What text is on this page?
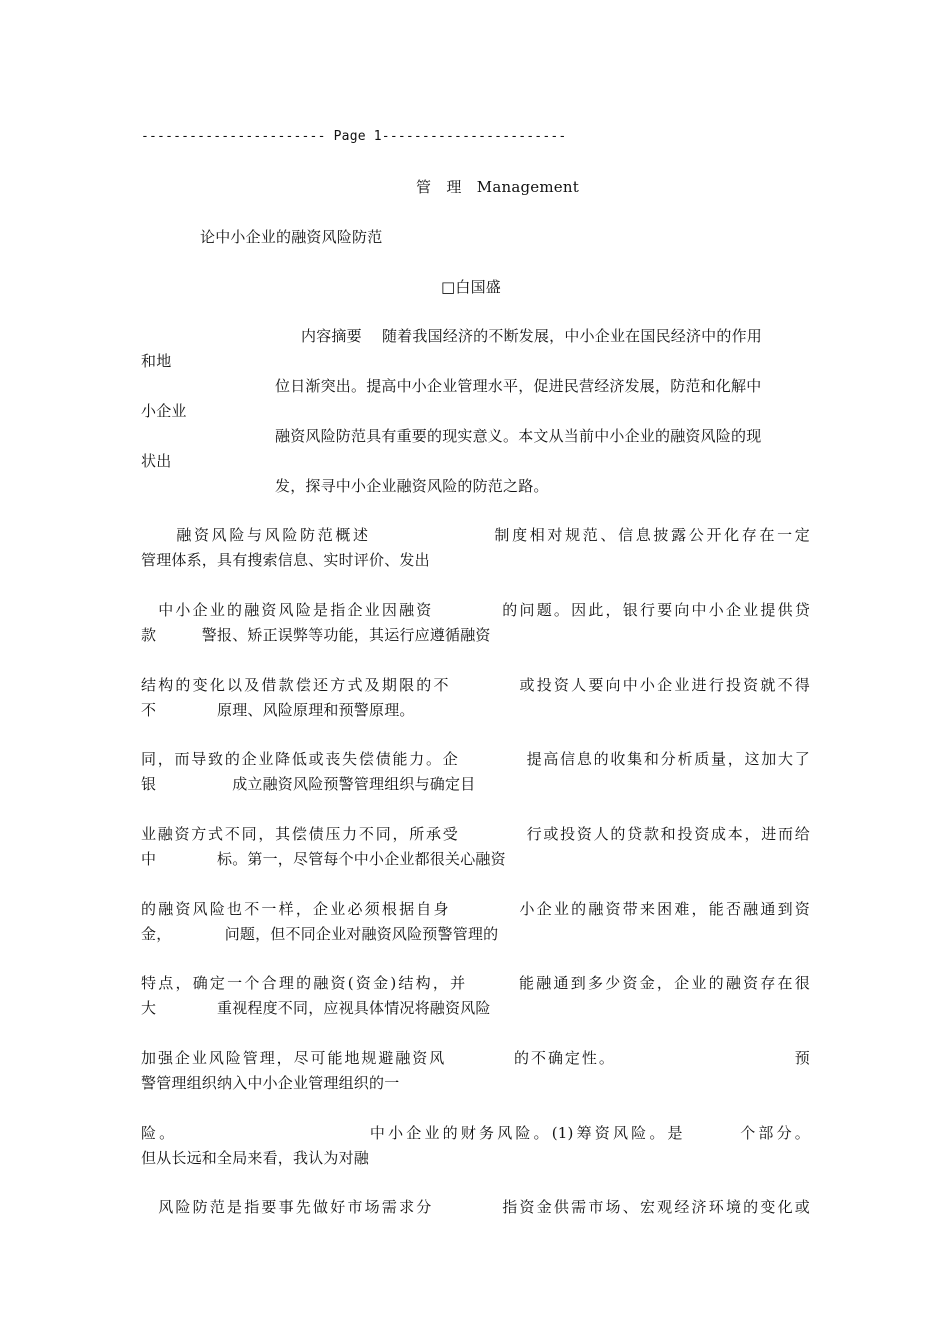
----------------------- Page 1-----------------------
管　理　Management
论中小企业的融资风险防范
□白国盛
内容摘要　 随着我国经济的不断发展，中小企业在国民经济中的作用
和地
位日渐突出。提高中小企业管理水平，促进民营经济发展，防范和化解中
小企业
融资风险防范具有重要的现实意义。本文从当前中小企业的融资风险的现
状出
发，探寻中小企业融资风险的防范之路。
　　融资风险与风险防范概述　　　　　　　制度相对规范、信息披露公开化存在一定
管理体系，具有搜索信息、实时评价、发出
　中小企业的融资风险是指企业因融资　　　　的问题。因此，银行要向中小企业提供贷
款　　　警报、矫正误弊等功能，其运行应遵循融资
结构的变化以及借款偿还方式及期限的不　　　　或投资人要向中小企业进行投资就不得
不　　　　原理、风险原理和预警原理。
同，而导致的企业降低或丧失偿债能力。企　　　　提高信息的收集和分析质量，这加大了
银　　　　　成立融资风险预警管理组织与确定目
业融资方式不同，其偿债压力不同，所承受　　　　行或投资人的贷款和投资成本，进而给
中　　　　标。第一，尽管每个中小企业都很关心融资
的融资风险也不一样，企业必须根据自身　　　　小企业的融资带来困难，能否融通到资
金，　　　　问题，但不同企业对融资风险预警管理的
特点，确定一个合理的融资(资金)结构，并　　　能融通到多少资金，企业的融资存在很
大　　　　重视程度不同，应视具体情况将融资风险
加强企业风险管理，尽可能地规避融资风　　　　的不确定性。　　　　　　　　　　　预
警管理组织纳入中小企业管理组织的一
险。　　　　　　　　　　　中小企业的财务风险。(1)筹资风险。是　　　个部分。
但从长远和全局来看，我认为对融
　风险防范是指要事先做好市场需求分　　　　指资金供需市场、宏观经济环境的变化或
